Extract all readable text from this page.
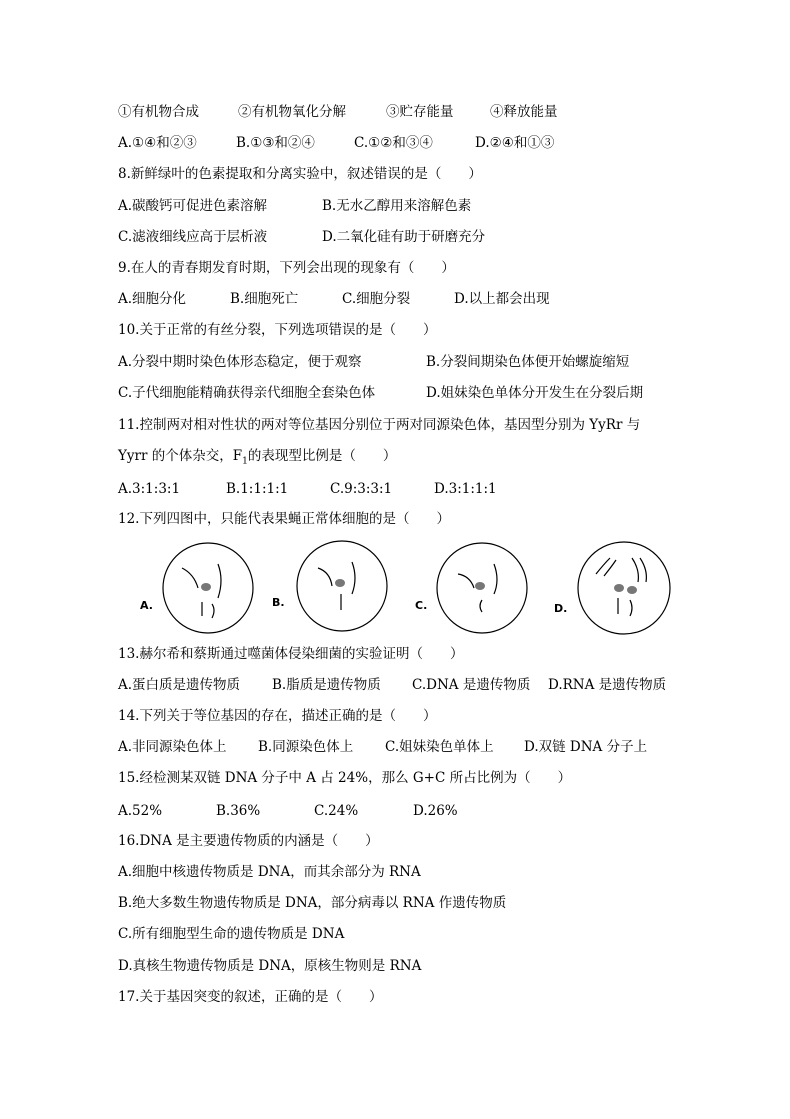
①有机物合成	②有机物氧化分解	③贮存能量	④释放能量
A.①④和②③	B.①③和②④	C.①②和③④	D.②④和①③
8.新鲜绿叶的色素提取和分离实验中，叙述错误的是（　　）
A.碳酸钙可促进色素溶解	B.无水乙醇用来溶解色素
C.滤液细线应高于层析液	D.二氧化硅有助于研磨充分
9.在人的青春期发育时期，下列会出现的现象有（　　）
A.细胞分化	B.细胞死亡	C.细胞分裂	D.以上都会出现
10.关于正常的有丝分裂，下列选项错误的是（　　）
A.分裂中期时染色体形态稳定，便于观察	B.分裂间期染色体便开始螺旋缩短
C.子代细胞能精确获得亲代细胞全套染色体	D.姐妹染色单体分开发生在分裂后期
11.控制两对相对性状的两对等位基因分别位于两对同源染色体，基因型分别为 YyRr 与
Yyrr 的个体杂交，$F_1$的表现型比例是（　　）
A.3:1:3:1	B.1:1:1:1	C.9:3:3:1	D.3:1:1:1
12.下列四图中，只能代表果蝇正常体细胞的是（　　）
A.	B.	C.	D.
13.赫尔希和蔡斯通过噬菌体侵染细菌的实验证明（　　）
A.蛋白质是遗传物质 B.脂质是遗传物质 C.DNA 是遗传物质 D.RNA 是遗传物质
14.下列关于等位基因的存在，描述正确的是（　　）
A.非同源染色体上 B.同源染色体上 C.姐妹染色单体上 D.双链 DNA 分子上
15.经检测某双链 DNA 分子中 A 占 24%，那么 G+C 所占比例为（　　）
A.52%	B.36%	C.24%	D.26%
16.DNA 是主要遗传物质的内涵是（　　）
A.细胞中核遗传物质是 DNA，而其余部分为 RNA
B.绝大多数生物遗传物质是 DNA，部分病毒以 RNA 作遗传物质
C.所有细胞型生命的遗传物质是 DNA
D.真核生物遗传物质是 DNA，原核生物则是 RNA
17.关于基因突变的叙述，正确的是（　　）
